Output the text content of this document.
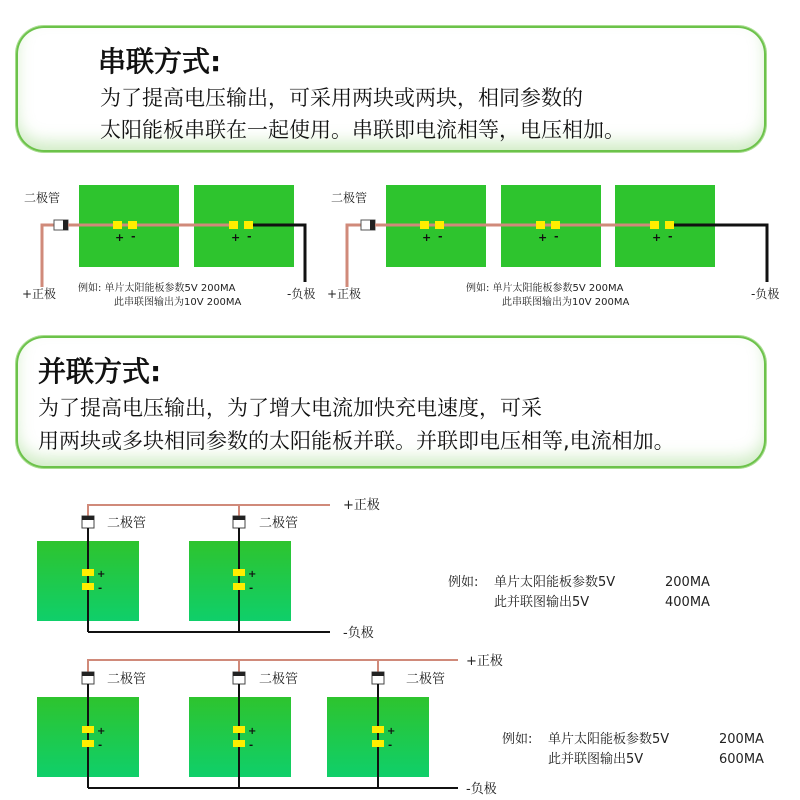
串联方式:
为了提高电压输出，可采用两块或两块，相同参数的
太阳能板串联在一起使用。串联即电流相等，电压相加。
+ -	+ -
二极管
+正极	-负极
例如: 单片太阳能板参数5V 200MA
此串联图输出为10V 200MA
+ -	+ -	+ -
二极管
+正极	-负极
例如: 单片太阳能板参数5V 200MA
此串联图输出为10V 200MA
并联方式:
为了提高电压输出，为了增大电流加快充电速度，可采
用两块或多块相同参数的太阳能板并联。并联即电压相等,电流相加。
+
-
+
-
二极管	二极管
+正极
-负极
例如: 单片太阳能板参数5V	200MA
此并联图输出5V	400MA
+
-
+
-
+
-
二极管	二极管	二极管
+正极
-负极
例如: 单片太阳能板参数5V	200MA
此并联图输出5V	600MA
